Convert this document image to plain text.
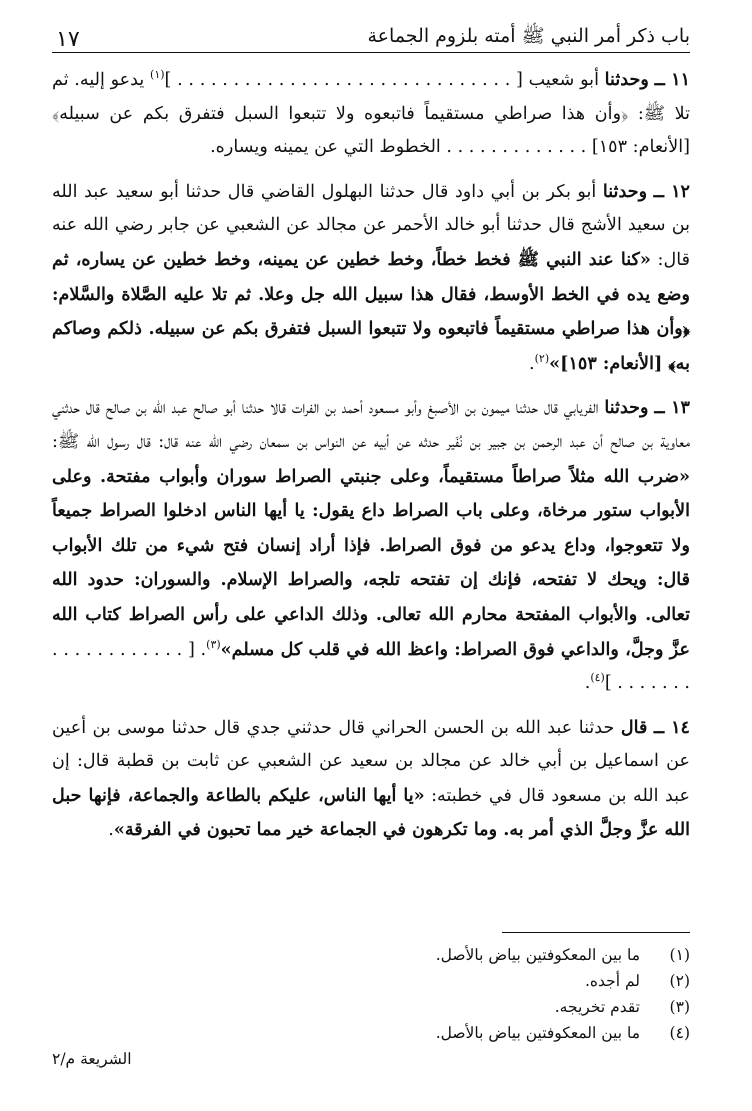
باب ذكر أمر النبي ﷺ أمته بلزوم الجماعة
١٧

١١ ــ وحدثنا أبو شعيب [ . . . . . . . . . . . . . . . . . . . . . . . . . . . . . . ]$^{(١)}$ يدعو إليه. ثم تلا ﷺ: ﴿وأن هذا صراطي مستقيماً فاتبعوه ولا تتبعوا السبل فتفرق بكم عن سبيله﴾ [الأنعام: ١٥٣] . . . . . . . . . . . . . الخطوط التي عن يمينه ويساره.

١٢ ــ وحدثنا أبو بكر بن أبي داود قال حدثنا البهلول القاضي قال حدثنا أبو سعيد عبد الله بن سعيد الأشج قال حدثنا أبو خالد الأحمر عن مجالد عن الشعبي عن جابر رضي الله عنه قال: «كنا عند النبي ﷺ فخط خطاً، وخط خطين عن يمينه، وخط خطين عن يساره، ثم وضع يده في الخط الأوسط، فقال هذا سبيل الله جل وعلا. ثم تلا عليه الصَّلاة والسَّلام: ﴿وأن هذا صراطي مستقيماً فاتبعوه ولا تتبعوا السبل فتفرق بكم عن سبيله. ذلكم وصاكم به﴾ [الأنعام: ١٥٣]»$^{(٢)}$.

١٣ ــ وحدثنا الفريابي قال حدثنا ميمون بن الأصبغ وأبو مسعود أحمد بن الفرات قالا حدثنا أبو صالح عبد الله بن صالح قال حدثني معاوية بن صالح أن عبد الرحمن بن جبير بن نُفَير حدثه عن أبيه عن النواس بن سمعان رضي الله عنه قال: قال رسول الله ﷺ: «ضرب الله مثلاً صراطاً مستقيماً، وعلى جنبتي الصراط سوران وأبواب مفتحة. وعلى الأبواب ستور مرخاة، وعلى باب الصراط داع يقول: يا أيها الناس ادخلوا الصراط جميعاً ولا تتعوجوا، وداع يدعو من فوق الصراط. فإذا أراد إنسان فتح شيء من تلك الأبواب قال: ويحك لا تفتحه، فإنك إن تفتحه تلجه، والصراط الإسلام. والسوران: حدود الله تعالى. والأبواب المفتحة محارم الله تعالى. وذلك الداعي على رأس الصراط كتاب الله عزَّ وجلَّ، والداعي فوق الصراط: واعظ الله في قلب كل مسلم»$^{(٣)}$. [ . . . . . . . . . . . . . . . . . . . ]$^{(٤)}$.

١٤ ــ قال حدثنا عبد الله بن الحسن الحراني قال حدثني جدي قال حدثنا موسى بن أعين عن اسماعيل بن أبي خالد عن مجالد بن سعيد عن الشعبي عن ثابت بن قطبة قال: إن عبد الله بن مسعود قال في خطبته: «يا أيها الناس، عليكم بالطاعة والجماعة، فإنها حبل الله عزَّ وجلَّ الذي أمر به. وما تكرهون في الجماعة خير مما تحبون في الفرقة».

(١)
ما بين المعكوفتين بياض بالأصل.
(٢)
لم أجده.
(٣)
تقدم تخريجه.
(٤)
ما بين المعكوفتين بياض بالأصل.
الشريعة م/٢
